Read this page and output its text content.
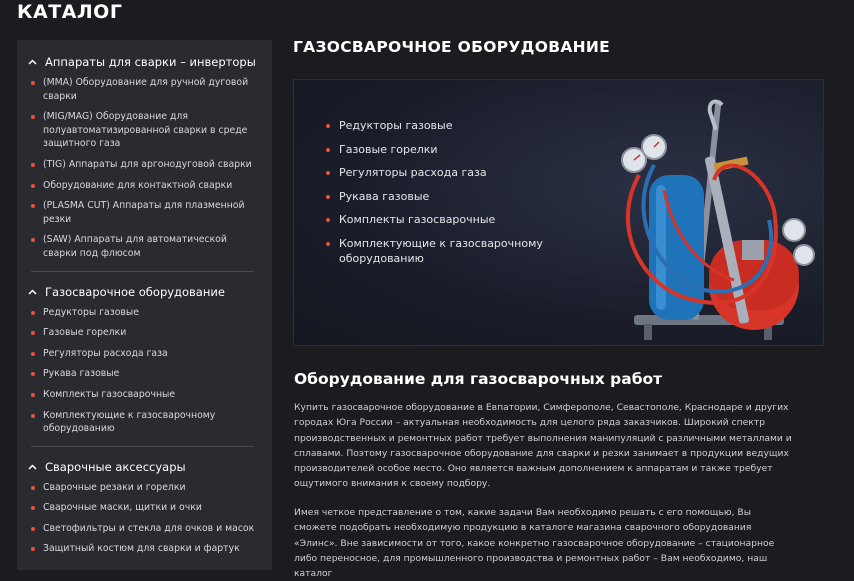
КАТАЛОГ
Аппараты для сварки – инверторы
(MMA) Оборудование для ручной дуговой сварки
(MIG/MAG) Оборудование для полуавтоматизированной сварки в среде защитного газа
(TIG) Аппараты для аргонодуговой сварки
Оборудование для контактной сварки
(PLASMA CUT) Аппараты для плазменной резки
(SAW) Аппараты для автоматической сварки под флюсом
Газосварочное оборудование
Редукторы газовые
Газовые горелки
Регуляторы расхода газа
Рукава газовые
Комплекты газосварочные
Комплектующие к газосварочному оборудованию
Сварочные аксессуары
Сварочные резаки и горелки
Сварочные маски, щитки и очки
Светофильтры и стекла для очков и масок
Защитный костюм для сварки и фартук
ГАЗОСВАРОЧНОЕ ОБОРУДОВАНИЕ
Редукторы газовые
Газовые горелки
Регуляторы расхода газа
Рукава газовые
Комплекты газосварочные
Комплектующие к газосварочному оборудованию
Оборудование для газосварочных работ

Купить газосварочное оборудование в Евпатории, Симферополе, Севастополе, Краснодаре и других городах Юга России – актуальная необходимость для целого ряда заказчиков. Широкий спектр производственных и ремонтных работ требует выполнения манипуляций с различными металлами и сплавами. Поэтому газосварочное оборудование для сварки и резки занимает в продукции ведущих производителей особое место. Оно является важным дополнением к аппаратам и также требует ощутимого внимания к своему подбору.

Имея четкое представление о том, какие задачи Вам необходимо решать с его помощью, Вы сможете подобрать необходимую продукцию в каталоге магазина сварочного оборудования «Элинс». Вне зависимости от того, какое конкретно газосварочное оборудование – стационарное либо переносное, для промышленного производства и ремонтных работ – Вам необходимо, наш каталог
